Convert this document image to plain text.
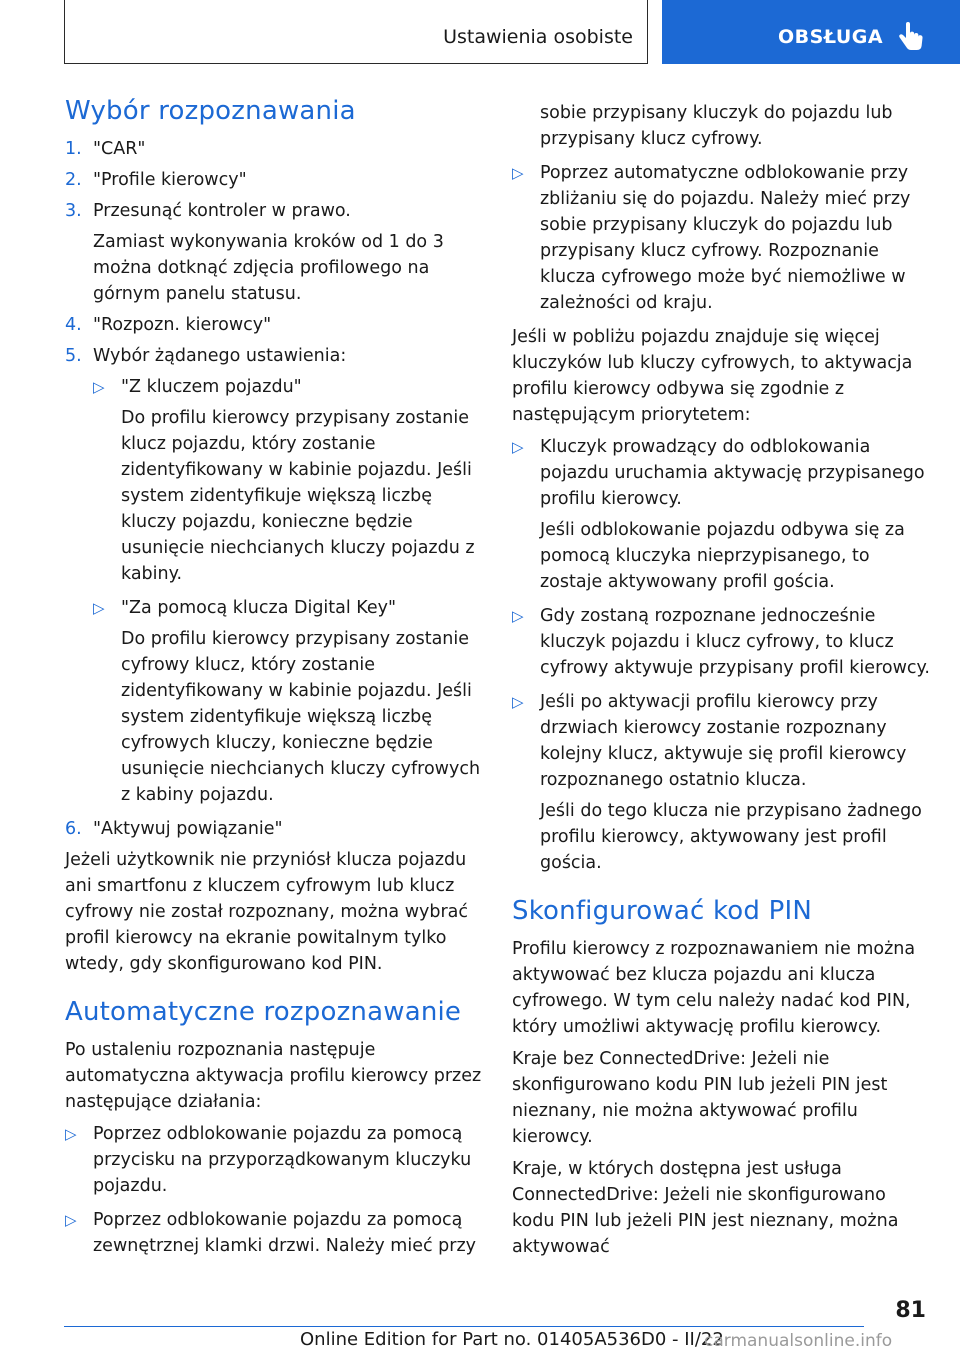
Ustawienia osobiste	OBSŁUGA
Wybór rozpoznawania
1. "CAR"
2. "Profile kierowcy"
3. Przesunąć kontroler w prawo.
Zamiast wykonywania kroków od 1 do 3 można dotknąć zdjęcia profilowego na górnym panelu statusu.
4. "Rozpozn. kierowcy"
5. Wybór żądanego ustawienia:
▷ "Z kluczem pojazdu"
Do profilu kierowcy przypisany zostanie klucz pojazdu, który zostanie zidentyfikowany w kabinie pojazdu. Jeśli system zidentyfikuje większą liczbę kluczy pojazdu, konieczne będzie usunięcie niechcianych kluczy pojazdu z kabiny.
▷ "Za pomocą klucza Digital Key"
Do profilu kierowcy przypisany zostanie cyfrowy klucz, który zostanie zidentyfikowany w kabinie pojazdu. Jeśli system zidentyfikuje większą liczbę cyfrowych kluczy, konieczne będzie usunięcie niechcianych kluczy cyfrowych z kabiny pojazdu.
6. "Aktywuj powiązanie"

Jeżeli użytkownik nie przyniósł klucza pojazdu ani smartfonu z kluczem cyfrowym lub klucz cyfrowy nie został rozpoznany, można wybrać profil kierowcy na ekranie powitalnym tylko wtedy, gdy skonfigurowano kod PIN.

Automatyczne rozpoznawanie

Po ustaleniu rozpoznania następuje automatyczna aktywacja profilu kierowcy przez następujące działania:

▷ Poprzez odblokowanie pojazdu za pomocą przycisku na przyporządkowanym kluczyku pojazdu.
▷ Poprzez odblokowanie pojazdu za pomocą zewnętrznej klamki drzwi. Należy mieć przy
sobie przypisany kluczyk do pojazdu lub przypisany klucz cyfrowy.
▷ Poprzez automatyczne odblokowanie przy zbliżaniu się do pojazdu. Należy mieć przy sobie przypisany kluczyk do pojazdu lub przypisany klucz cyfrowy. Rozpoznanie klucza cyfrowego może być niemożliwe w zależności od kraju.

Jeśli w pobliżu pojazdu znajduje się więcej kluczyków lub kluczy cyfrowych, to aktywacja profilu kierowcy odbywa się zgodnie z następującym priorytetem:

▷ Kluczyk prowadzący do odblokowania pojazdu uruchamia aktywację przypisanego profilu kierowcy.
Jeśli odblokowanie pojazdu odbywa się za pomocą kluczyka nieprzypisanego, to zostaje aktywowany profil gościa.
▷ Gdy zostaną rozpoznane jednocześnie kluczyk pojazdu i klucz cyfrowy, to klucz cyfrowy aktywuje przypisany profil kierowcy.
▷ Jeśli po aktywacji profilu kierowcy przy drzwiach kierowcy zostanie rozpoznany kolejny klucz, aktywuje się profil kierowcy rozpoznanego ostatnio klucza.
Jeśli do tego klucza nie przypisano żadnego profilu kierowcy, aktywowany jest profil gościa.
Skonfigurować kod PIN

Profilu kierowcy z rozpoznawaniem nie można aktywować bez klucza pojazdu ani klucza cyfrowego. W tym celu należy nadać kod PIN, który umożliwi aktywację profilu kierowcy.

Kraje bez ConnectedDrive: Jeżeli nie skonfigurowano kodu PIN lub jeżeli PIN jest nieznany, nie można aktywować profilu kierowcy.

Kraje, w których dostępna jest usługa ConnectedDrive: Jeżeli nie skonfigurowano kodu PIN lub jeżeli PIN jest nieznany, można aktywować

81
Online Edition for Part no. 01405A536D0 - II/22
carmanualsonline.info
